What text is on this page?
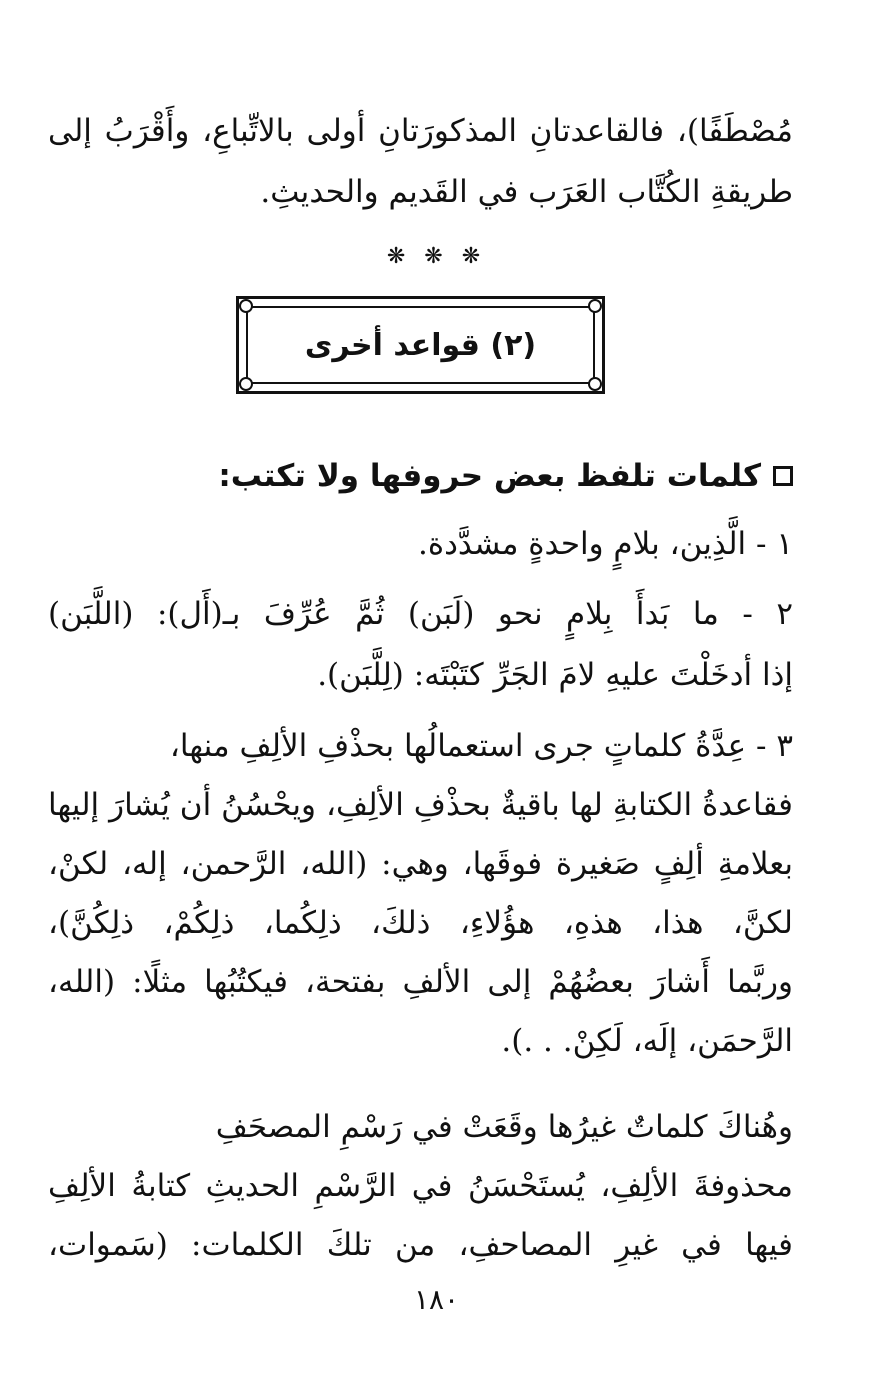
مُصْطَفًا)، فالقاعدتانِ المذكورَتانِ أولى بالاتِّباعِ، وأَقْرَبُ إلى
طريقةِ الكُتَّاب العَرَب في القَديم والحديثِ.
❋ ❋ ❋
(٢) قواعد أخرى
كلمات تلفظ بعض حروفها ولا تكتب:
١ - الَّذِين، بلامٍ واحدةٍ مشدَّدة.
٢ - ما بَدأَ بِلامٍ نحو (لَبَن) ثُمَّ عُرِّفَ بـ(أَل): (اللَّبَن)
إذا أدخَلْتَ عليهِ لامَ الجَرِّ كتَبْتَه: (لِلَّبَن).
٣ - عِدَّةُ كلماتٍ جرى استعمالُها بحذْفِ الألِفِ منها،
فقاعدةُ الكتابةِ لها باقيةٌ بحذْفِ الألِفِ، ويحْسُنُ أن يُشارَ إليها
بعلامةِ ألِفٍ صَغيرة فوقَها، وهي: (الله، الرَّحمن، إله، لكنْ،
لكنَّ، هذا، هذهِ، هؤُلاءِ، ذلكَ، ذلِكُما، ذلِكُمْ، ذلِكُنَّ)،
وربَّما أَشارَ بعضُهُمْ إلى الألفِ بفتحة، فيكتُبُها مثلًا: (الله،
الرَّحمَن، إلَه، لَكِنْ. . .).
وهُناكَ كلماتٌ غيرُها وقَعَتْ في رَسْمِ المصحَفِ
محذوفةَ الألِفِ، يُستَحْسَنُ في الرَّسْمِ الحديثِ كتابةُ الألِفِ
فيها في غيرِ المصاحفِ، من تلكَ الكلمات: (سَموات،
١٨٠
